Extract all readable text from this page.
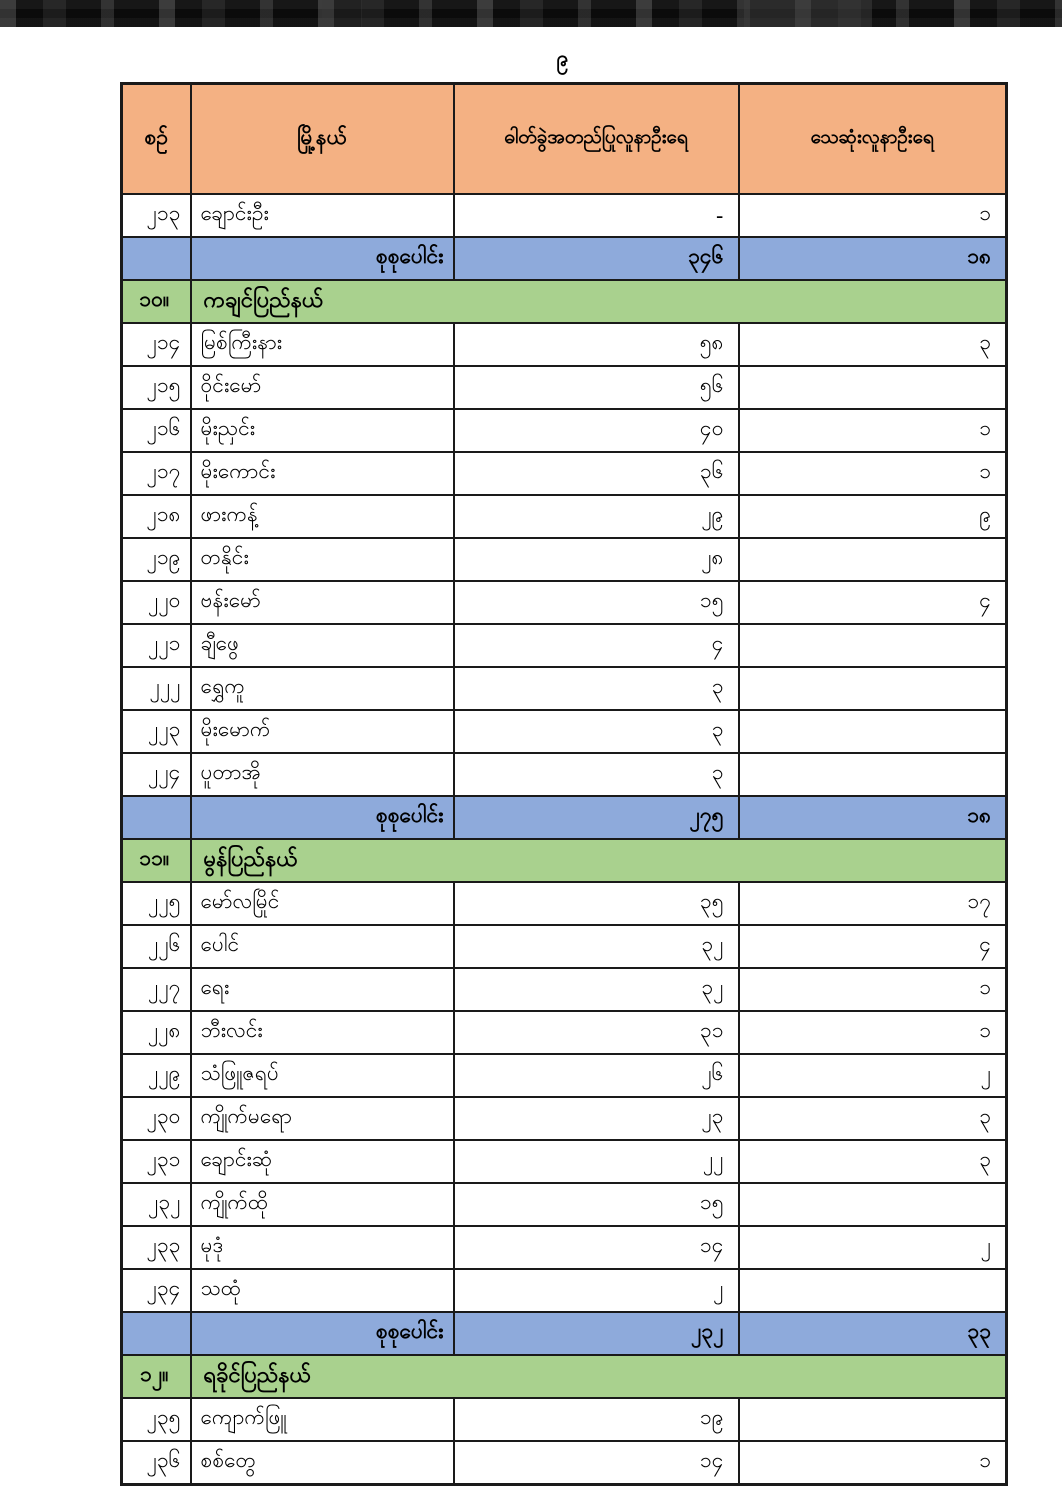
၉
စဉ်	မြို့နယ်	ဓါတ်ခွဲအတည်ပြုလူနာဦးရေ	သေဆုံးလူနာဦးရေ
၂၁၃	ချောင်းဦး	-	၁
	စုစုပေါင်း	၃၄၆	၁၈
၁၀။	ကချင်ပြည်နယ်		
၂၁၄	မြစ်ကြီးနား	၅၈	၃
၂၁၅	ဝိုင်းမော်	၅၆	
၂၁၆	မိုးညှင်း	၄၀	၁
၂၁၇	မိုးကောင်း	၃၆	၁
၂၁၈	ဖားကန့်	၂၉	၉
၂၁၉	တနိုင်း	၂၈	
၂၂၀	ဗန်းမော်	၁၅	၄
၂၂၁	ချီဖွေ	၄	
၂၂၂	ရွှေကူ	၃	
၂၂၃	မိုးမောက်	၃	
၂၂၄	ပူတာအို	၃	
	စုစုပေါင်း	၂၇၅	၁၈
၁၁။	မွန်ပြည်နယ်		
၂၂၅	မော်လမြိုင်	၃၅	၁၇
၂၂၆	ပေါင်	၃၂	၄
၂၂၇	ရေး	၃၂	၁
၂၂၈	ဘီးလင်း	၃၁	၁
၂၂၉	သံဖြူဇရပ်	၂၆	၂
၂၃၀	ကျိုက်မရော	၂၃	၃
၂၃၁	ချောင်းဆုံ	၂၂	၃
၂၃၂	ကျိုက်ထို	၁၅	
၂၃၃	မုဒုံ	၁၄	၂
၂၃၄	သထုံ	၂	
	စုစုပေါင်း	၂၃၂	၃၃
၁၂။	ရခိုင်ပြည်နယ်		
၂၃၅	ကျောက်ဖြူ	၁၉	
၂၃၆	စစ်တွေ	၁၄	၁
